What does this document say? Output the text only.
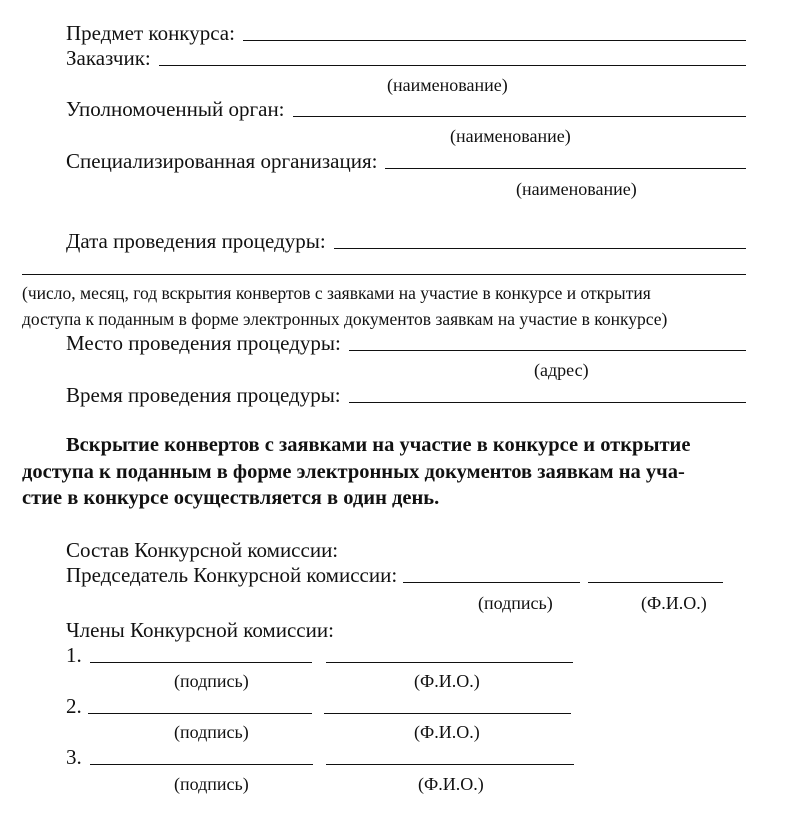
Предмет конкурса:
Заказчик:
(наименование)
Уполномоченный орган:
(наименование)
Специализированная организация:
(наименование)
Дата проведения процедуры:
(число, месяц, год вскрытия конвертов с заявками на участие в конкурсе и открытия
доступа к поданным в форме электронных документов заявкам на участие в конкурсе)
Место проведения процедуры:
(адрес)
Время проведения процедуры:
Вскрытие конвертов с заявками на участие в конкурсе и открытие
доступа к поданным в форме электронных документов заявкам на уча-
стие в конкурсе осуществляется в один день.
Состав Конкурсной комиссии:
Председатель Конкурсной комиссии:
(подпись)	(Ф.И.О.)
Члены Конкурсной комиссии:
1.
(подпись)	(Ф.И.О.)
2.
(подпись)	(Ф.И.О.)
3.
(подпись)	(Ф.И.О.)
